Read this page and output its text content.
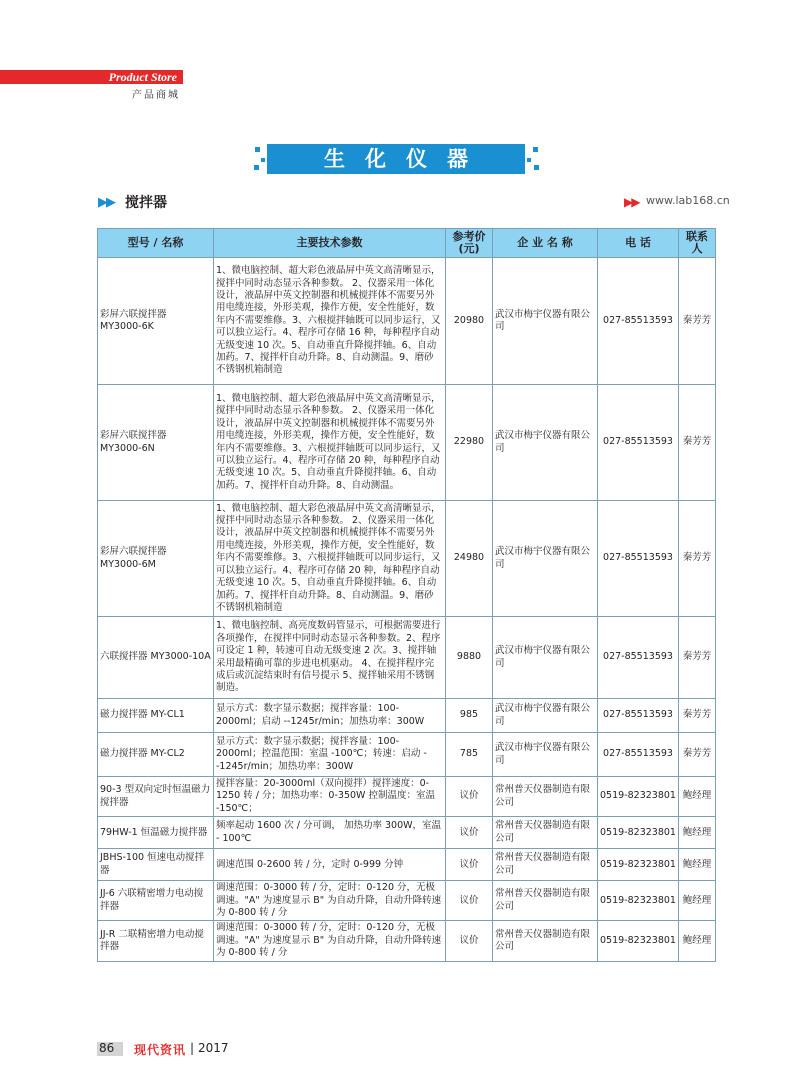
Product Store
产品商城
生化仪器
▶▶ 搅拌器	▶▶ www.lab168.cn
型号 / 名称	主要技术参数	参考价(元)	企 业 名 称	电 话	联系人
彩屏六联搅拌器 MY3000-6K	1、微电脑控制、超大彩色液晶屏中英文高清晰显示，搅拌中同时动态显示各种参数。 2、仪器采用一体化设计，液晶屏中英文控制器和机械搅拌体不需要另外用电缆连接，外形美观，操作方便，安全性能好，数年内不需要维修。3、六根搅拌轴既可以同步运行，又可以独立运行。4、程序可存储 16 种，每种程序自动无级变速 10 次。5、自动垂直升降搅拌轴。6、自动加药。7、搅拌杆自动升降。8、自动测温。9、磨砂不锈钢机箱制造	20980	武汉市梅宇仪器有限公司	027-85513593	秦芳芳
彩屏六联搅拌器 MY3000-6N	1、微电脑控制、超大彩色液晶屏中英文高清晰显示，搅拌中同时动态显示各种参数。 2、仪器采用一体化设计，液晶屏中英文控制器和机械搅拌体不需要另外用电缆连接，外形美观，操作方便，安全性能好，数年内不需要维修。3、六根搅拌轴既可以同步运行，又可以独立运行。4、程序可存储 20 种，每种程序自动无级变速 10 次。5、自动垂直升降搅拌轴。6、自动加药。7、搅拌杆自动升降。8、自动测温。	22980	武汉市梅宇仪器有限公司	027-85513593	秦芳芳
彩屏六联搅拌器 MY3000-6M	1、微电脑控制、超大彩色液晶屏中英文高清晰显示，搅拌中同时动态显示各种参数。 2、仪器采用一体化设计，液晶屏中英文控制器和机械搅拌体不需要另外用电缆连接，外形美观，操作方便，安全性能好，数年内不需要维修。3、六根搅拌轴既可以同步运行，又可以独立运行。4、程序可存储 20 种，每种程序自动无级变速 10 次。5、自动垂直升降搅拌轴。6、自动加药。7、搅拌杆自动升降。8、自动测温。9、磨砂不锈钢机箱制造	24980	武汉市梅宇仪器有限公司	027-85513593	秦芳芳
六联搅拌器 MY3000-10A	1、微电脑控制、高亮度数码管显示，可根据需要进行各项操作，在搅拌中同时动态显示各种参数。2、程序可设定 1 种，转速可自动无级变速 2 次。3、搅拌轴采用最精确可靠的步进电机驱动。 4、在搅拌程序完成后或沉淀结束时有信号提示 5、搅拌轴采用不锈钢制造。	9880	武汉市梅宇仪器有限公司	027-85513593	秦芳芳
磁力搅拌器 MY-CL1	显示方式：数字显示数据；搅拌容量：100-2000ml；启动 --1245r/min；加热功率：300W	985	武汉市梅宇仪器有限公司	027-85513593	秦芳芳
磁力搅拌器 MY-CL2	显示方式：数字显示数据；搅拌容量：100-2000ml；控温范围：室温 -100℃；转速：启动 --1245r/min；加热功率：300W	785	武汉市梅宇仪器有限公司	027-85513593	秦芳芳
90-3 型双向定时恒温磁力搅拌器	搅拌容量：20-3000ml（双向搅拌）搅拌速度：0-1250 转 / 分；加热功率：0-350W 控制温度：室温 -150℃；	议价	常州普天仪器制造有限公司	0519-82323801	鲍经理
79HW-1 恒温磁力搅拌器	频率起动 1600 次 / 分可调， 加热功率 300W，室温 - 100℃	议价	常州普天仪器制造有限公司	0519-82323801	鲍经理
JBHS-100 恒速电动搅拌器	调速范围 0-2600 转 / 分，定时 0-999 分钟	议价	常州普天仪器制造有限公司	0519-82323801	鲍经理
JJ-6 六联精密增力电动搅拌器	调速范围：0-3000 转 / 分，定时：0-120 分，无极调速。"A" 为速度显示 B" 为自动升降，自动升降转速为 0-800 转 / 分	议价	常州普天仪器制造有限公司	0519-82323801	鲍经理
JJ-R 二联精密增力电动搅拌器	调速范围：0-3000 转 / 分，定时：0-120 分，无极调速。"A" 为速度显示 B" 为自动升降，自动升降转速为 0-800 转 / 分	议价	常州普天仪器制造有限公司	0519-82323801	鲍经理
86 现代资讯 | 2017
